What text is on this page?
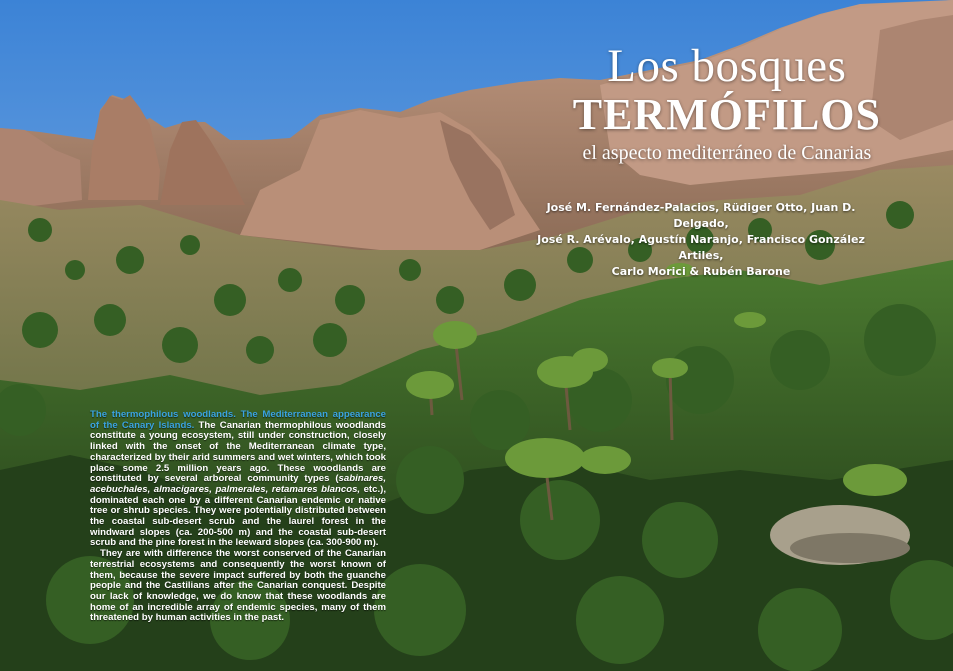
Los bosques
TERMÓFILOS
el aspecto mediterráneo de Canarias
José M. Fernández-Palacios, Rüdiger Otto, Juan D. Delgado,
José R. Arévalo, Agustín Naranjo, Francisco González Artiles,
Carlo Morici & Rubén Barone

The thermophilous woodlands. The Mediterranean appearance of the Canary Islands. The Canarian thermophilous woodlands constitute a young ecosystem, still under construction, closely linked with the onset of the Mediterranean climate type, characterized by their arid summers and wet winters, which took place some 2.5 million years ago. These woodlands are constituted by several arboreal community types (sabinares, acebuchales, almacigares, palmerales, retamares blancos, etc.), dominated each one by a different Canarian endemic or native tree or shrub species. They were potentially distributed between the coastal sub-desert scrub and the laurel forest in the windward slopes (ca. 200-500 m) and the coastal sub-desert scrub and the pine forest in the leeward slopes (ca. 300-900 m).

They are with difference the worst conserved of the Canarian terrestrial ecosystems and consequently the worst known of them, because the severe impact suffered by both the guanche people and the Castilians after the Canarian conquest. Despite our lack of knowledge, we do know that these woodlands are home of an incredible array of endemic species, many of them threatened by human activities in the past.
